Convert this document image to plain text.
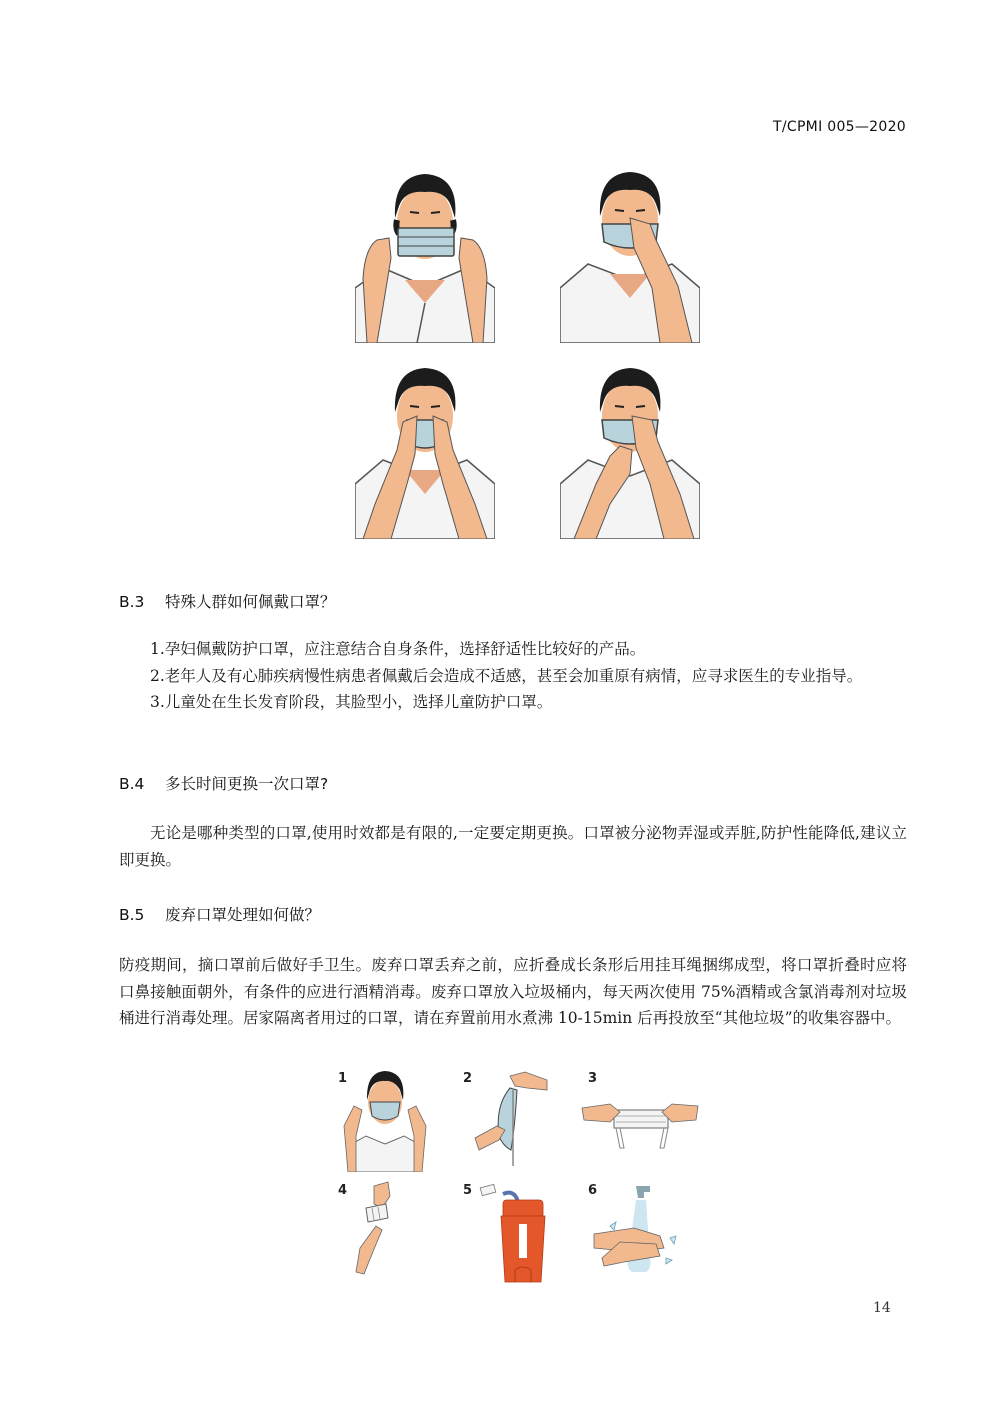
T/CPMI 005—2020
B.3 特殊人群如何佩戴口罩？

1.孕妇佩戴防护口罩，应注意结合自身条件，选择舒适性比较好的产品。

2.老年人及有心肺疾病慢性病患者佩戴后会造成不适感，甚至会加重原有病情，应寻求医生的专业指导。

3.儿童处在生长发育阶段，其脸型小，选择儿童防护口罩。

B.4 多长时间更换一次口罩?

无论是哪种类型的口罩,使用时效都是有限的,一定要定期更换。口罩被分泌物弄湿或弄脏,防护性能降低,建议立即更换。

B.5 废弃口罩处理如何做？

防疫期间，摘口罩前后做好手卫生。废弃口罩丢弃之前，应折叠成长条形后用挂耳绳捆绑成型，将口罩折叠时应将口鼻接触面朝外，有条件的应进行酒精消毒。废弃口罩放入垃圾桶内，每天两次使用 75%酒精或含氯消毒剂对垃圾桶进行消毒处理。居家隔离者用过的口罩，请在弃置前用水煮沸 10-15min 后再投放至“其他垃圾”的收集容器中。

1	2	3
4	5	6
14
